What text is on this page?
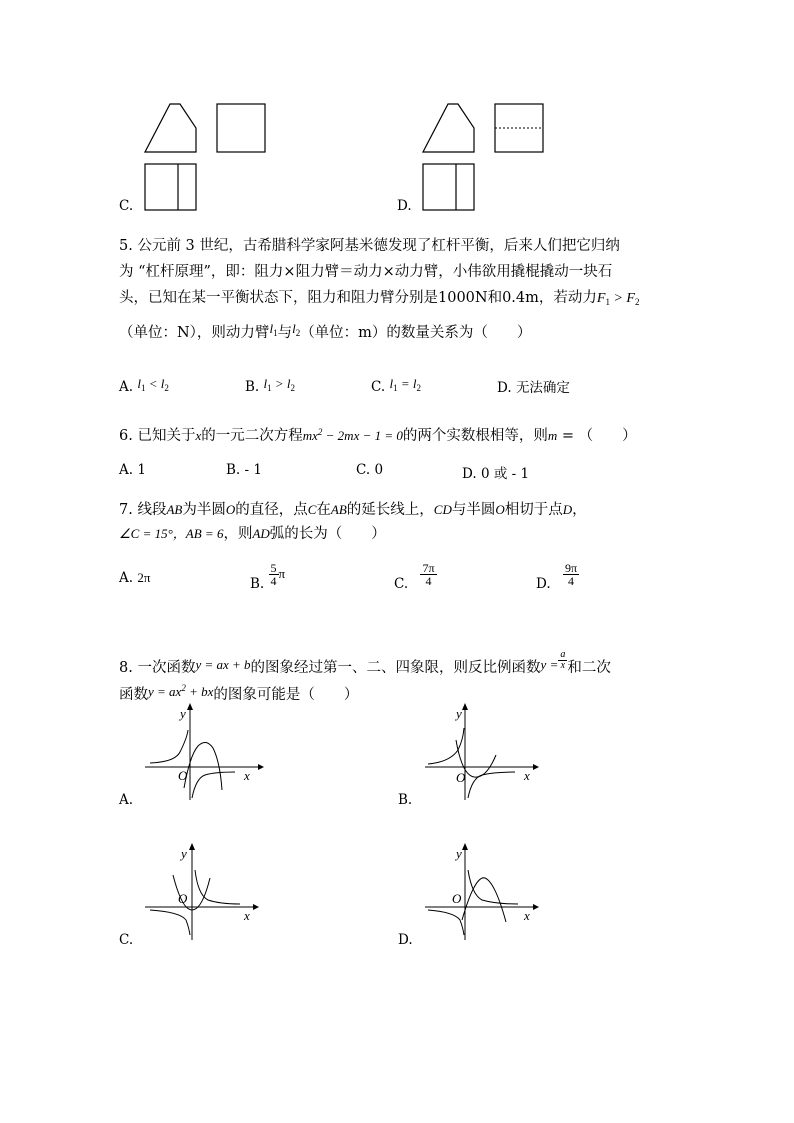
C.	D.
5. 公元前 3 世纪，古希腊科学家阿基米德发现了杠杆平衡，后来人们把它归纳
为 “杠杆原理”，即：阻力×阻力臂＝动力×动力臂，小伟欲用撬棍撬动一块石
头，已知在某一平衡状态下，阻力和阻力臂分别是1000N和0.4m，若动力$F_1 > F_2$
（单位：N），则动力臂$l_1$与$l_2$（单位：m）的数量关系为（　　）
A. $l_1 < l_2$	B. $l_1 > l_2$	C. $l_1 = l_2$	D. 无法确定
6. 已知关于x的一元二次方程$mx^2 - 2mx - 1 = 0$的两个实数根相等，则m = （　　）
A. 1	B. - 1	C. 0	D. 0 或 - 1
7. 线段AB为半圆O的直径，点C在AB的延长线上，CD与半圆O相切于点D，
∠C = 15°，AB = 6，则AD弧的长为（　　）
A. 2π	B. $\frac{5}{4}$ π
C. $\frac{7\pi}{4}$	D. $\frac{9\pi}{4}$
8. 一次函数y = ax + b的图象经过第一、二、四象限，则反比例函数$y = \frac{a}{x}$ 和二次
函数$y = ax^2$ + bx的图象可能是（　　）
O
y
x
A.
O
y
x
B.
O
y
x
C.
O
y
x
D.
